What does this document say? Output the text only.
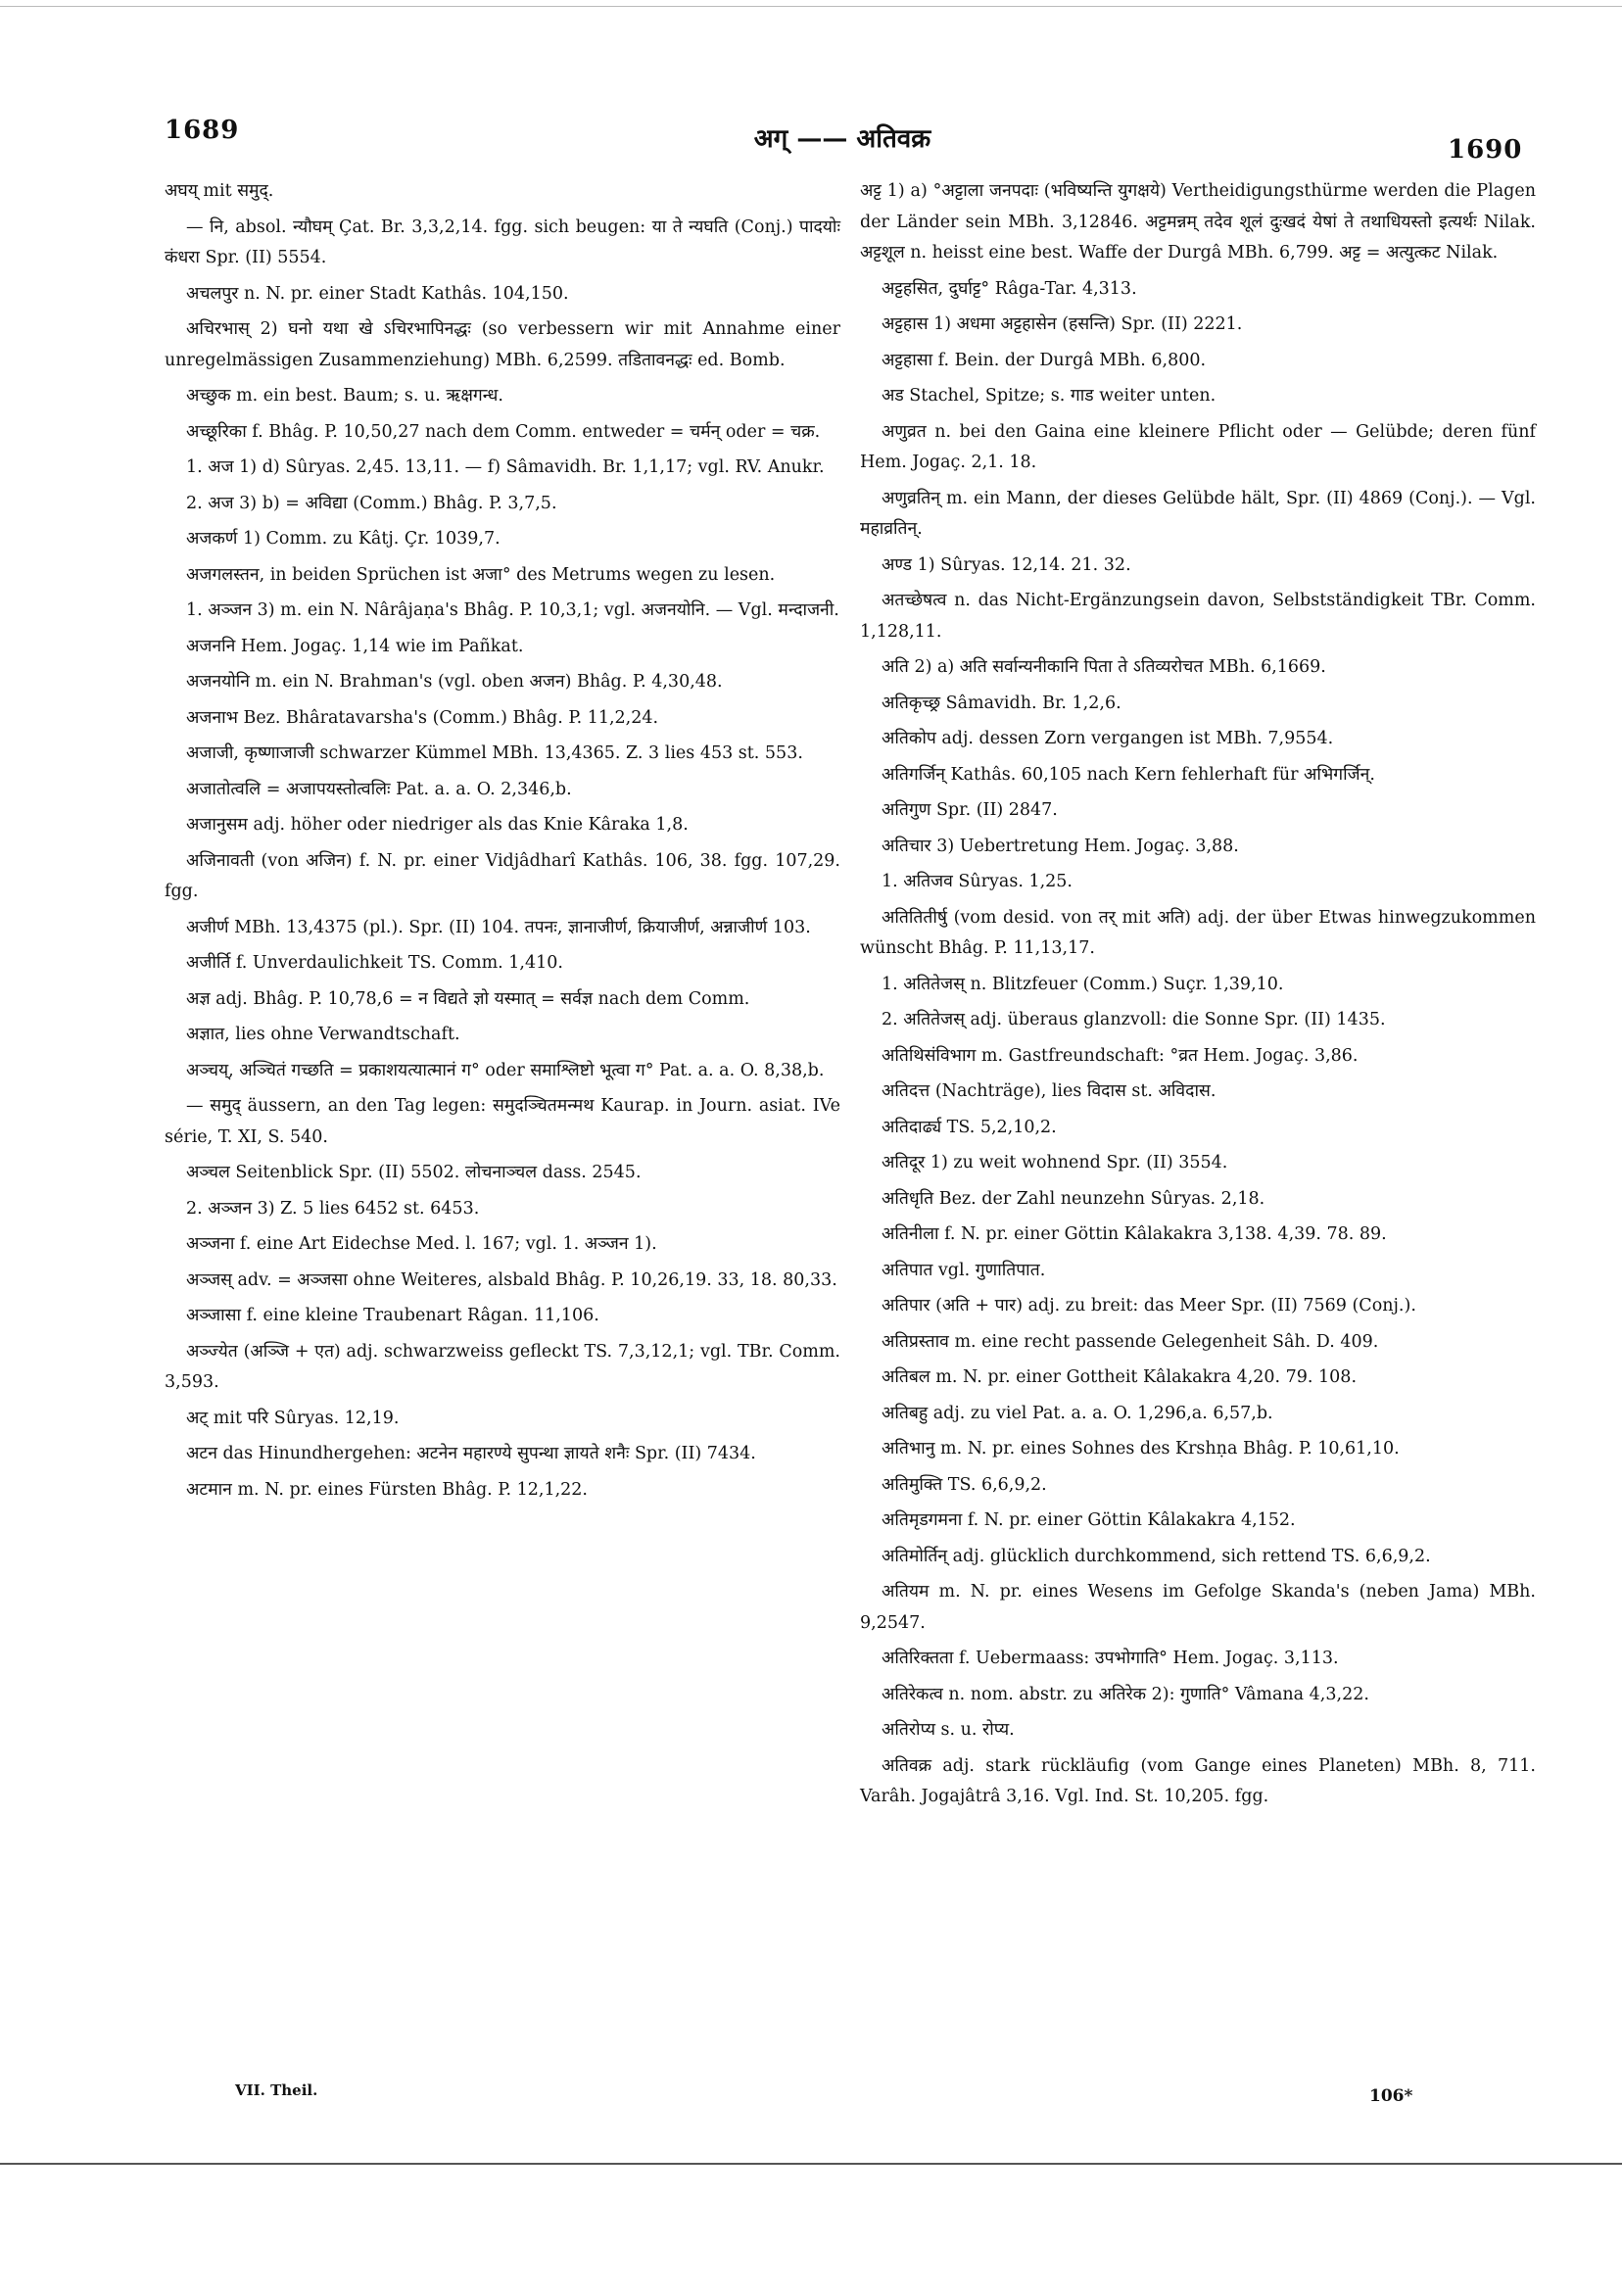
1689	अग् —— अतिवक्र	1690

अघय् mit समुद्.

— नि, absol. न्यौघम् Çat. Br. 3,3,2,14. fgg. sich beugen: या ते न्यघति (Conj.) पादयोः कंधरा Spr. (II) 5554.

अचलपुर n. N. pr. einer Stadt Kathâs. 104,150.

अचिरभास् 2) घनो यथा खे ऽचिरभापिनद्धः (so verbessern wir mit Annahme einer unregelmässigen Zusammenziehung) MBh. 6,2599. तडितावनद्धः ed. Bomb.

अच्छुक m. ein best. Baum; s. u. ऋक्षगन्ध.

अच्छूरिका f. Bhâg. P. 10,50,27 nach dem Comm. entweder = चर्मन् oder = चक्र.

1. अज 1) d) Sûryas. 2,45. 13,11. — f) Sâmavidh. Br. 1,1,17; vgl. RV. Anukr.

2. अज 3) b) = अविद्या (Comm.) Bhâg. P. 3,7,5.

अजकर्ण 1) Comm. zu Kâtj. Çr. 1039,7.

अजगलस्तन, in beiden Sprüchen ist अजा° des Metrums wegen zu lesen.

1. अञ्जन 3) m. ein N. Nârâjaṇa's Bhâg. P. 10,3,1; vgl. अजनयोनि. — Vgl. मन्दाजनी.

अजननि Hem. Jogaç. 1,14 wie im Pañkat.

अजनयोनि m. ein N. Brahman's (vgl. oben अजन) Bhâg. P. 4,30,48.

अजनाभ Bez. Bhâratavarsha's (Comm.) Bhâg. P. 11,2,24.

अजाजी, कृष्णाजाजी schwarzer Kümmel MBh. 13,4365. Z. 3 lies 453 st. 553.

अजातोत्वलि = अजापयस्तोत्वलिः Pat. a. a. O. 2,346,b.

अजानुसम adj. höher oder niedriger als das Knie Kâraka 1,8.

अजिनावती (von अजिन) f. N. pr. einer Vidjâdharî Kathâs. 106, 38. fgg. 107,29. fgg.

अजीर्ण MBh. 13,4375 (pl.). Spr. (II) 104. तपनः, ज्ञानाजीर्ण, क्रियाजीर्ण, अन्नाजीर्ण 103.

अजीर्ति f. Unverdaulichkeit TS. Comm. 1,410.

अज्ञ adj. Bhâg. P. 10,78,6 = न विद्यते ज्ञो यस्मात् = सर्वज्ञ nach dem Comm.

अज्ञात, lies ohne Verwandtschaft.

अञ्चय्, अञ्चितं गच्छति = प्रकाशयत्यात्मानं ग° oder समाश्लिष्टो भूत्वा ग° Pat. a. a. O. 8,38,b.

— समुद् äussern, an den Tag legen: समुदञ्चितमन्मथ Kaurap. in Journ. asiat. IVe série, T. XI, S. 540.

अञ्चल Seitenblick Spr. (II) 5502. लोचनाञ्चल dass. 2545.

2. अञ्जन 3) Z. 5 lies 6452 st. 6453.

अञ्जना f. eine Art Eidechse Med. l. 167; vgl. 1. अञ्जन 1).

अञ्जस् adv. = अञ्जसा ohne Weiteres, alsbald Bhâg. P. 10,26,19. 33, 18. 80,33.

अञ्जासा f. eine kleine Traubenart Râgan. 11,106.

अञ्ज्येत (अञ्जि + एत) adj. schwarzweiss gefleckt TS. 7,3,12,1; vgl. TBr. Comm. 3,593.

अट् mit परि Sûryas. 12,19.

अटन das Hinundhergehen: अटनेन महारण्ये सुपन्था ज्ञायते शनैः Spr. (II) 7434.

अटमान m. N. pr. eines Fürsten Bhâg. P. 12,1,22.

अट्ट 1) a) °अट्टाला जनपदाः (भविष्यन्ति युगक्षये) Vertheidigungsthürme werden die Plagen der Länder sein MBh. 3,12846. अट्टमन्नम् तदेव शूलं दुःखदं येषां ते तथाधियस्तो इत्यर्थः Nilak. अट्टशूल n. heisst eine best. Waffe der Durgâ MBh. 6,799. अट्ट = अत्युत्कट Nilak.

अट्टहसित, दुर्घाट्ट° Râga-Tar. 4,313.

अट्टहास 1) अधमा अट्टहासेन (हसन्ति) Spr. (II) 2221.

अट्टहासा f. Bein. der Durgâ MBh. 6,800.

अड Stachel, Spitze; s. गाड weiter unten.

अणुव्रत n. bei den Gaina eine kleinere Pflicht oder — Gelübde; deren fünf Hem. Jogaç. 2,1. 18.

अणुव्रतिन् m. ein Mann, der dieses Gelübde hält, Spr. (II) 4869 (Conj.). — Vgl. महाव्रतिन्.

अण्ड 1) Sûryas. 12,14. 21. 32.

अतच्छेषत्व n. das Nicht-Ergänzungsein davon, Selbstständigkeit TBr. Comm. 1,128,11.

अति 2) a) अति सर्वान्यनीकानि पिता ते ऽतिव्यरोचत MBh. 6,1669.

अतिकृच्छ्र Sâmavidh. Br. 1,2,6.

अतिकोप adj. dessen Zorn vergangen ist MBh. 7,9554.

अतिगर्जिन् Kathâs. 60,105 nach Kern fehlerhaft für अभिगर्जिन्.

अतिगुण Spr. (II) 2847.

अतिचार 3) Uebertretung Hem. Jogaç. 3,88.

1. अतिजव Sûryas. 1,25.

अतितितीर्षु (vom desid. von तर् mit अति) adj. der über Etwas hinwegzukommen wünscht Bhâg. P. 11,13,17.

1. अतितेजस् n. Blitzfeuer (Comm.) Suçr. 1,39,10.

2. अतितेजस् adj. überaus glanzvoll: die Sonne Spr. (II) 1435.

अतिथिसंविभाग m. Gastfreundschaft: °व्रत Hem. Jogaç. 3,86.

अतिदत्त (Nachträge), lies विदास st. अविदास.

अतिदार्ढ्य TS. 5,2,10,2.

अतिदूर 1) zu weit wohnend Spr. (II) 3554.

अतिधृति Bez. der Zahl neunzehn Sûryas. 2,18.

अतिनीला f. N. pr. einer Göttin Kâlakakra 3,138. 4,39. 78. 89.

अतिपात vgl. गुणातिपात.

अतिपार (अति + पार) adj. zu breit: das Meer Spr. (II) 7569 (Conj.).

अतिप्रस्ताव m. eine recht passende Gelegenheit Sâh. D. 409.

अतिबल m. N. pr. einer Gottheit Kâlakakra 4,20. 79. 108.

अतिबहु adj. zu viel Pat. a. a. O. 1,296,a. 6,57,b.

अतिभानु m. N. pr. eines Sohnes des Krshṇa Bhâg. P. 10,61,10.

अतिमुक्ति TS. 6,6,9,2.

अतिमृडगमना f. N. pr. einer Göttin Kâlakakra 4,152.

अतिमोर्तिन् adj. glücklich durchkommend, sich rettend TS. 6,6,9,2.

अतियम m. N. pr. eines Wesens im Gefolge Skanda's (neben Jama) MBh. 9,2547.

अतिरिक्तता f. Uebermaass: उपभोगाति° Hem. Jogaç. 3,113.

अतिरेकत्व n. nom. abstr. zu अतिरेक 2): गुणाति° Vâmana 4,3,22.

अतिरोप्य s. u. रोप्य.

अतिवक्र adj. stark rückläufig (vom Gange eines Planeten) MBh. 8, 711. Varâh. Jogajâtrâ 3,16. Vgl. Ind. St. 10,205. fgg.

VII. Theil.	106*
